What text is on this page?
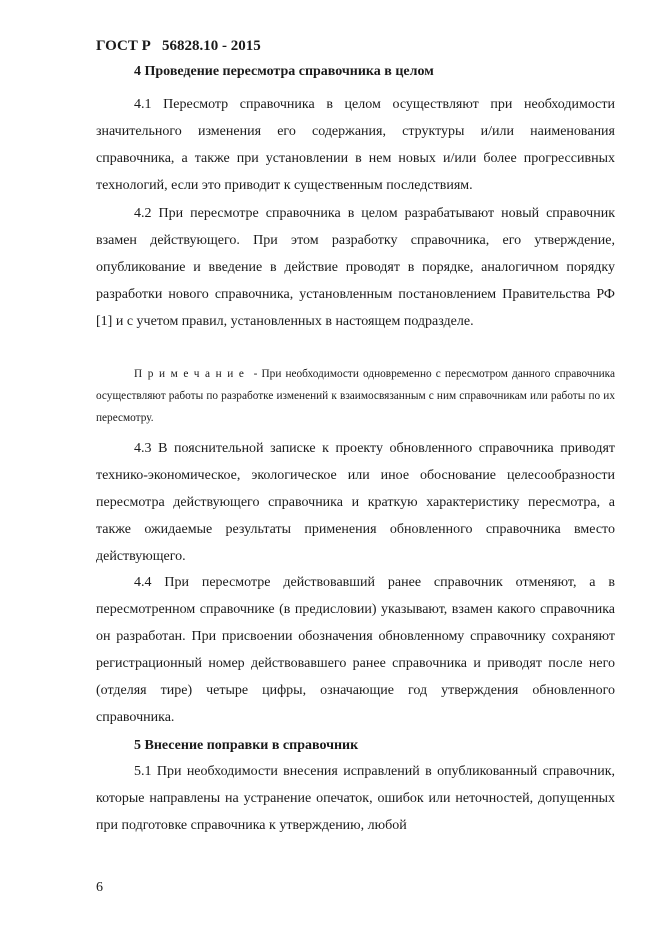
ГОСТ Р   56828.10 - 2015
4 Проведение пересмотра справочника в целом

4.1 Пересмотр справочника в целом осуществляют при необходимости значительного изменения его содержания, структуры и/или наименования справочника, а также при установлении в нем новых и/или более прогрессивных технологий, если это приводит к существенным последствиям.

4.2 При пересмотре справочника в целом разрабатывают новый справочник взамен действующего. При этом разработку справочника, его утверждение, опубликование и введение в действие проводят в порядке, аналогичном порядку разработки нового справочника, установленным постановлением Правительства РФ [1] и с учетом правил, установленных в настоящем подразделе.

Примечание - При необходимости одновременно с пересмотром данного справочника осуществляют работы по разработке изменений к взаимосвязанным с ним справочникам или работы по их пересмотру.

4.3 В пояснительной записке к проекту обновленного справочника приводят технико-экономическое, экологическое или иное обоснование целесообразности пересмотра действующего справочника и краткую характеристику пересмотра, а также ожидаемые результаты применения обновленного справочника вместо действующего.

4.4 При пересмотре действовавший ранее справочник отменяют, а в пересмотренном справочнике (в предисловии) указывают, взамен какого справочника он разработан. При присвоении обозначения обновленному справочнику сохраняют регистрационный номер действовавшего ранее справочника и приводят после него (отделяя тире) четыре цифры, означающие год утверждения обновленного справочника.

5 Внесение поправки в справочник

5.1 При необходимости внесения исправлений в опубликованный справочник, которые направлены на устранение опечаток, ошибок или неточностей, допущенных при подготовке справочника к утверждению, любой

6
